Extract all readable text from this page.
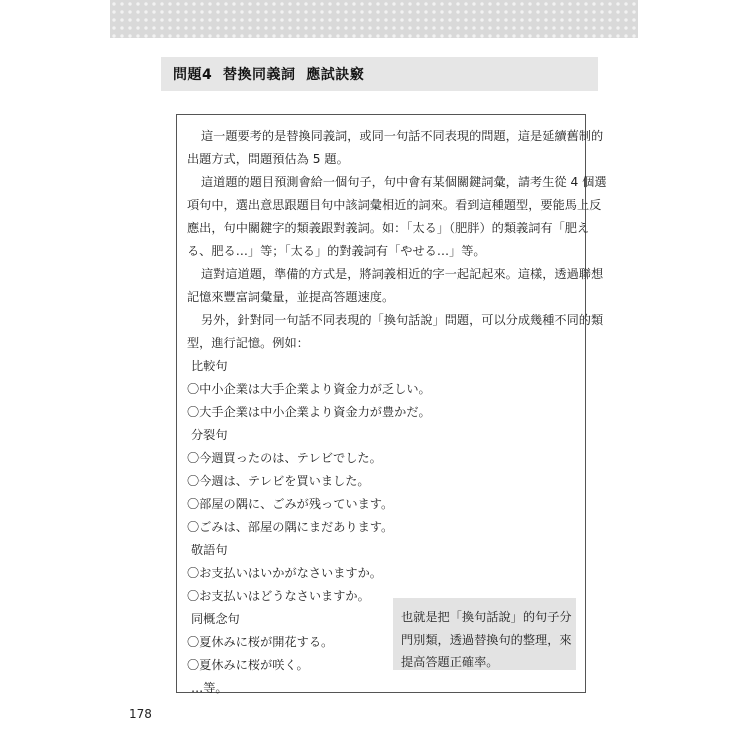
問題4
替換同義詞
應試訣竅
這一題要考的是替換同義詞，或同一句話不同表現的問題，這是延續舊制的
出題方式，問題預估為 5 題。
這道題的題目預測會給一個句子，句中會有某個關鍵詞彙，請考生從 4 個選
項句中，選出意思跟題目句中該詞彙相近的詞來。看到這種題型，要能馬上反
應出，句中關鍵字的類義跟對義詞。如：「太る」（肥胖）的類義詞有「肥え
る、肥る…」等；「太る」的對義詞有「やせる…」等。
這對這道題，準備的方式是，將詞義相近的字一起記起來。這樣，透過聯想
記憶來豐富詞彙量，並提高答題速度。
另外，針對同一句話不同表現的「換句話說」問題，可以分成幾種不同的類
型，進行記憶。例如：
比較句
〇中小企業は大手企業より資金力が乏しい。
〇大手企業は中小企業より資金力が豊かだ。
分裂句
〇今週買ったのは、テレビでした。
〇今週は、テレビを買いました。
〇部屋の隅に、ごみが残っています。
〇ごみは、部屋の隅にまだあります。
敬語句
〇お支払いはいかがなさいますか。
〇お支払いはどうなさいますか。
同概念句
〇夏休みに桜が開花する。
〇夏休みに桜が咲く。
…等。
也就是把「換句話說」的句子分
門別類，透過替換句的整理，來
提高答題正確率。
178
